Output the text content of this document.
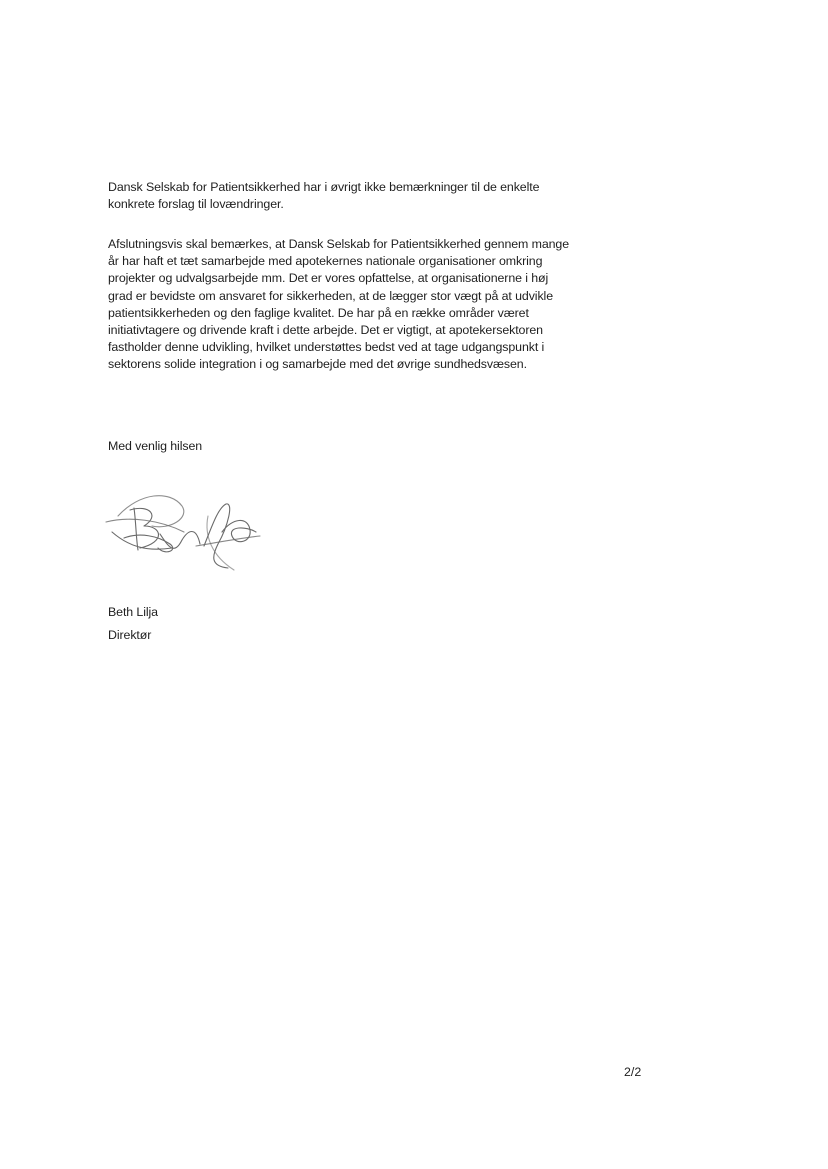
Dansk Selskab for Patientsikkerhed har i øvrigt ikke bemærkninger til de enkelte
konkrete forslag til lovændringer.

Afslutningsvis skal bemærkes, at Dansk Selskab for Patientsikkerhed gennem mange
år har haft et tæt samarbejde med apotekernes nationale organisationer omkring
projekter og udvalgsarbejde mm. Det er vores opfattelse, at organisationerne i høj
grad er bevidste om ansvaret for sikkerheden, at de lægger stor vægt på at udvikle
patientsikkerheden og den faglige kvalitet. De har på en række områder været
initiativtagere og drivende kraft i dette arbejde. Det er vigtigt, at apotekersektoren
fastholder denne udvikling, hvilket understøttes bedst ved at tage udgangspunkt i
sektorens solide integration i og samarbejde med det øvrige sundhedsvæsen.

Med venlig hilsen

Beth Lilja

Direktør

2/2
